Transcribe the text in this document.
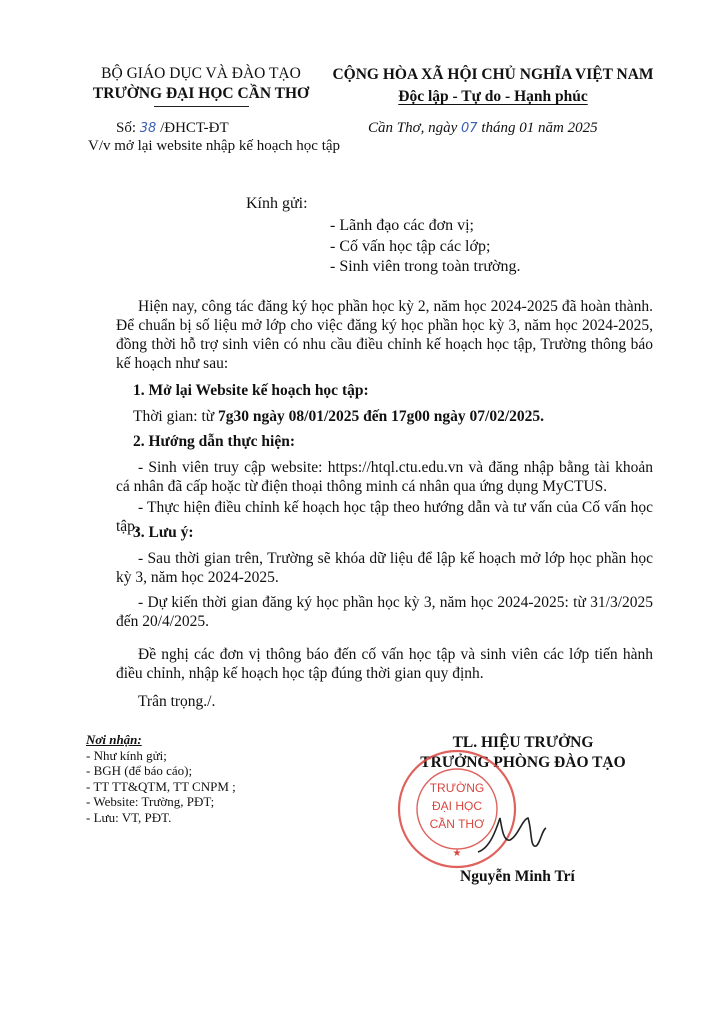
BỘ GIÁO DỤC VÀ ĐÀO TẠO
TRƯỜNG ĐẠI HỌC CẦN THƠ
CỘNG HÒA XÃ HỘI CHỦ NGHĨA VIỆT NAM
Độc lập - Tự do - Hạnh phúc
Số: 38 /ĐHCT-ĐT
V/v mở lại website nhập kế hoạch học tập
Cần Thơ, ngày 07 tháng 01 năm 2025
Kính gửi:
- Lãnh đạo các đơn vị;
- Cố vấn học tập các lớp;
- Sinh viên trong toàn trường.
Hiện nay, công tác đăng ký học phần học kỳ 2, năm học 2024-2025 đã hoàn thành. Để chuẩn bị số liệu mở lớp cho việc đăng ký học phần học kỳ 3, năm học 2024-2025, đồng thời hỗ trợ sinh viên có nhu cầu điều chỉnh kế hoạch học tập, Trường thông báo kế hoạch như sau:
1. Mở lại Website kế hoạch học tập:
Thời gian: từ 7g30 ngày 08/01/2025 đến 17g00 ngày 07/02/2025.
2. Hướng dẫn thực hiện:
- Sinh viên truy cập website: https://htql.ctu.edu.vn và đăng nhập bằng tài khoản cá nhân đã cấp hoặc từ điện thoại thông minh cá nhân qua ứng dụng MyCTUS.
- Thực hiện điều chỉnh kế hoạch học tập theo hướng dẫn và tư vấn của Cố vấn học tập.
3. Lưu ý:
- Sau thời gian trên, Trường sẽ khóa dữ liệu để lập kế hoạch mở lớp học phần học kỳ 3, năm học 2024-2025.
- Dự kiến thời gian đăng ký học phần học kỳ 3, năm học 2024-2025: từ 31/3/2025 đến 20/4/2025.
Đề nghị các đơn vị thông báo đến cố vấn học tập và sinh viên các lớp tiến hành điều chỉnh, nhập kế hoạch học tập đúng thời gian quy định.
Trân trọng./.
Nơi nhận:
- Như kính gửi;
- BGH (để báo cáo);
- TT TT&QTM, TT CNPM ;
- Website: Trường, PĐT;
- Lưu: VT, PĐT.
TL. HIỆU TRƯỞNG
TRƯỞNG PHÒNG ĐÀO TẠO
TRƯỜNG
ĐẠI HỌC
CẦN THƠ
★
Nguyễn Minh Trí
